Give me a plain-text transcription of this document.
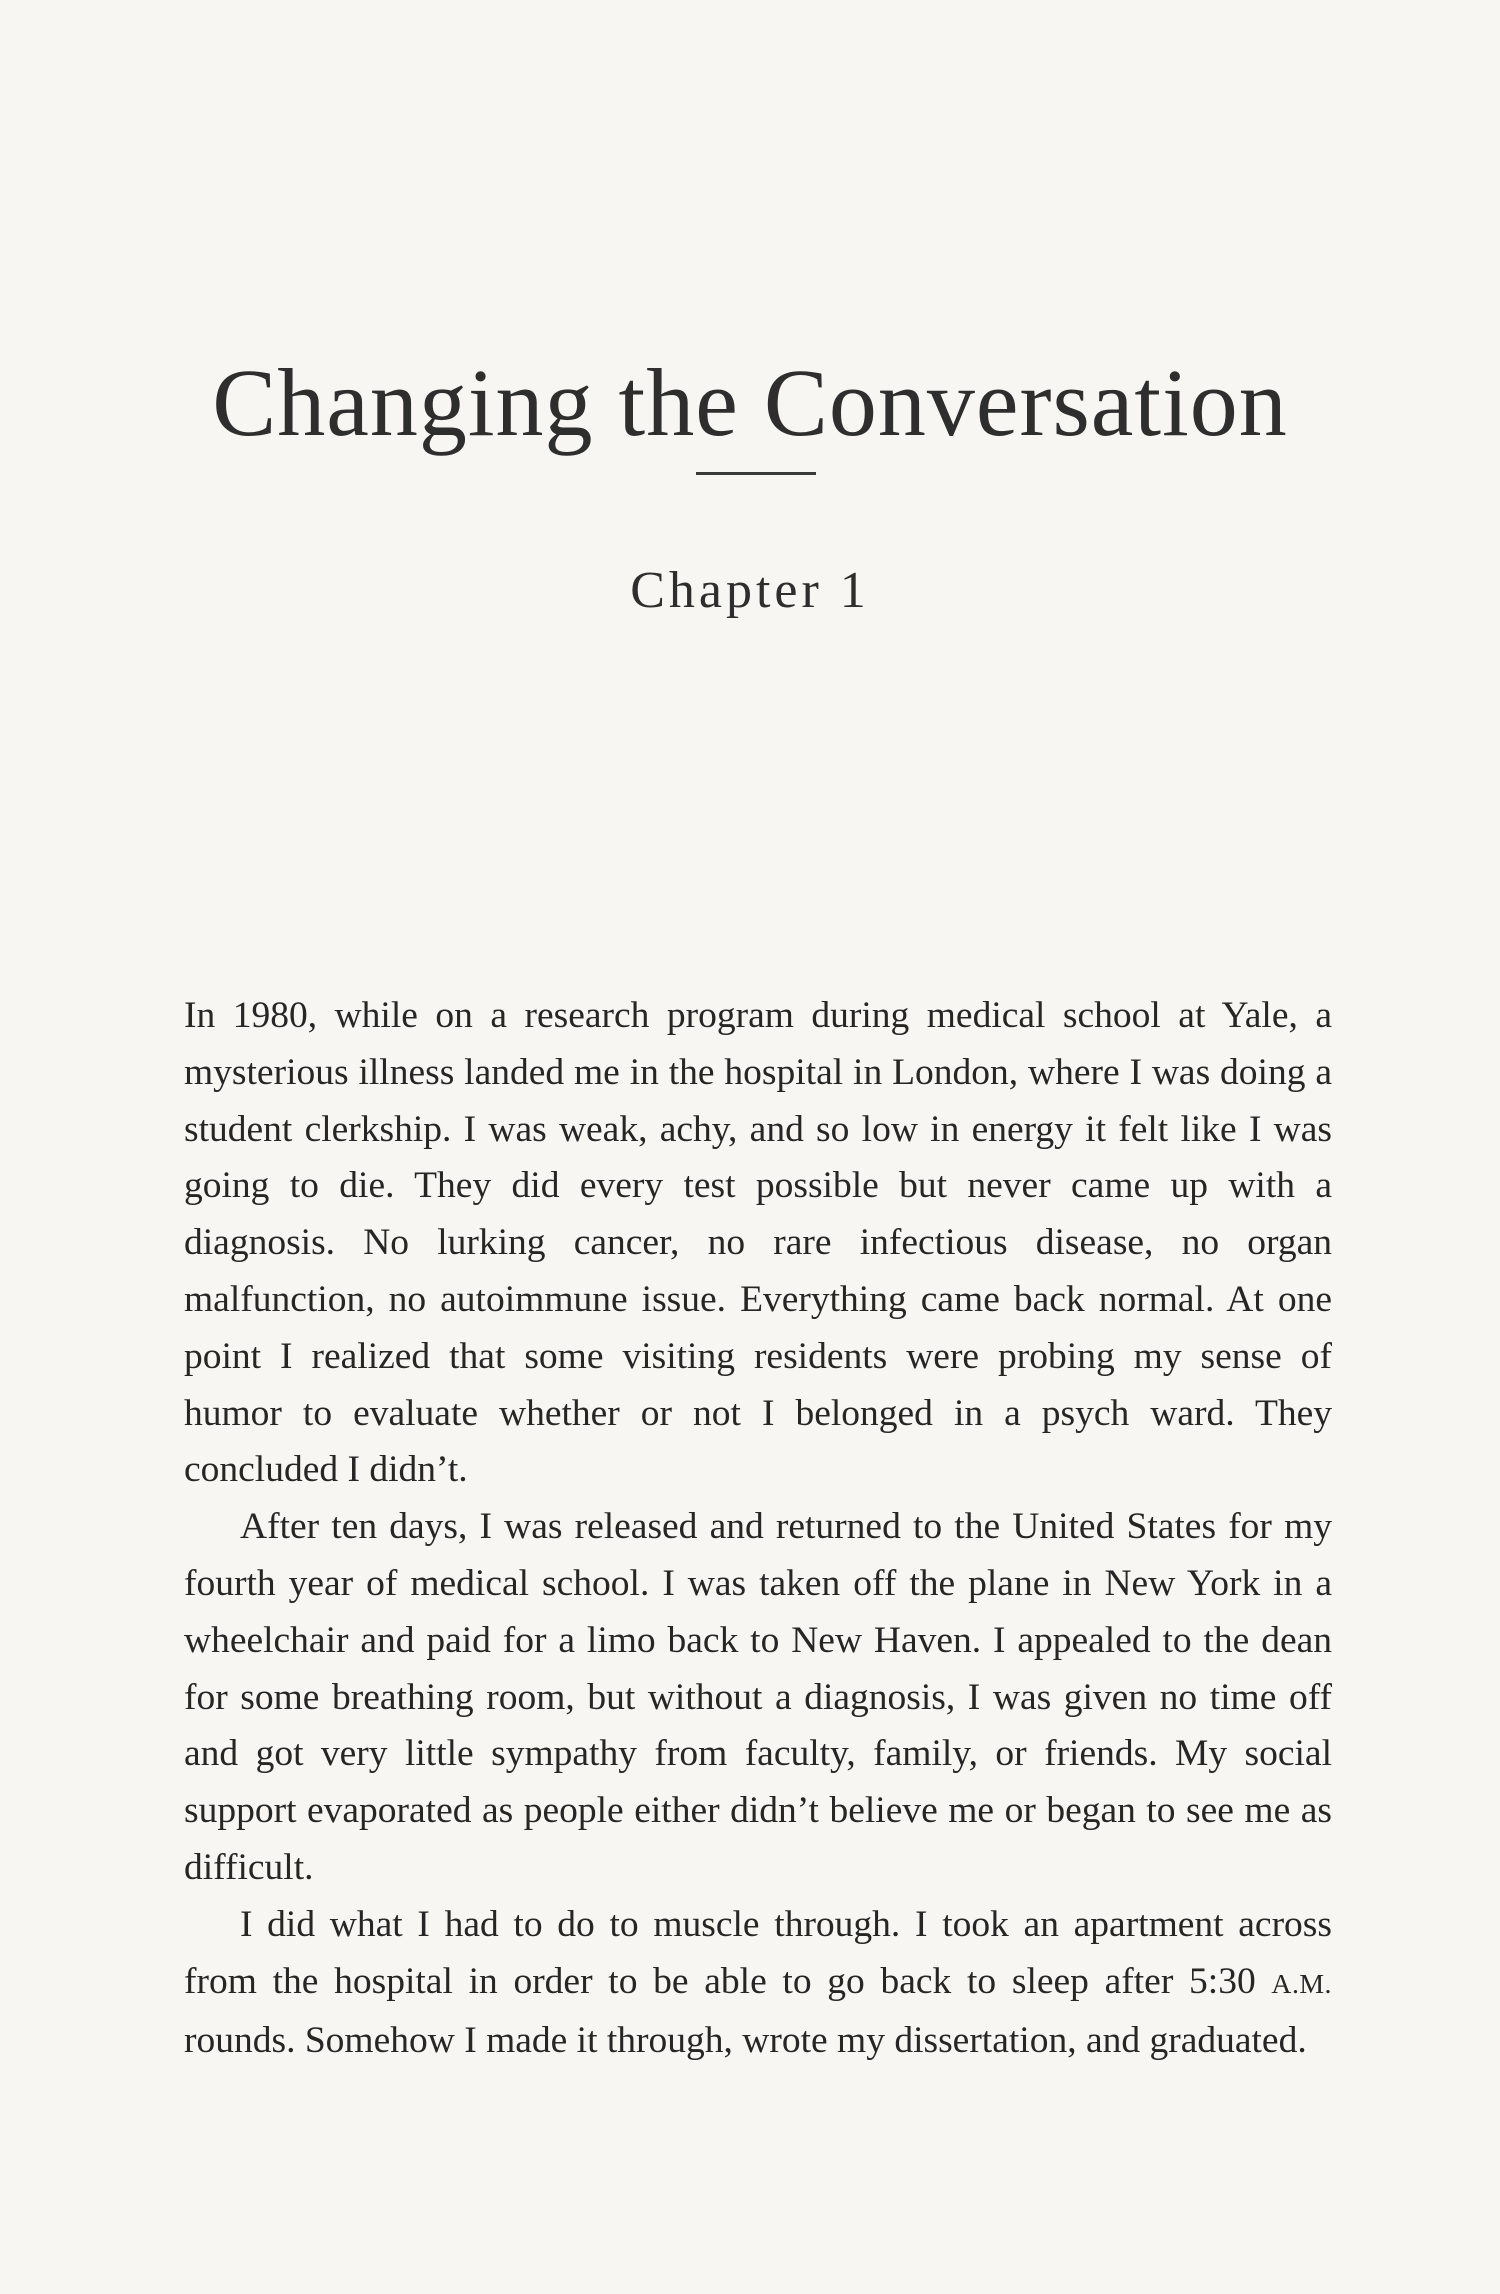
Changing the Conversation
Chapter 1

In 1980, while on a research program during medical school at Yale, a mysterious illness landed me in the hospital in London, where I was doing a student clerkship. I was weak, achy, and so low in energy it felt like I was going to die. They did every test possible but never came up with a diagnosis. No lurking cancer, no rare infectious disease, no organ malfunction, no autoimmune issue. Everything came back normal. At one point I realized that some visiting residents were probing my sense of humor to evaluate whether or not I belonged in a psych ward. They concluded I didn’t.

After ten days, I was released and returned to the United States for my fourth year of medical school. I was taken off the plane in New York in a wheelchair and paid for a limo back to New Haven. I appealed to the dean for some breathing room, but without a diagnosis, I was given no time off and got very little sympathy from faculty, family, or friends. My social support evaporated as people either didn’t believe me or began to see me as difficult.

I did what I had to do to muscle through. I took an apartment across from the hospital in order to be able to go back to sleep after 5:30 A.M. rounds. Somehow I made it through, wrote my dissertation, and graduated.
